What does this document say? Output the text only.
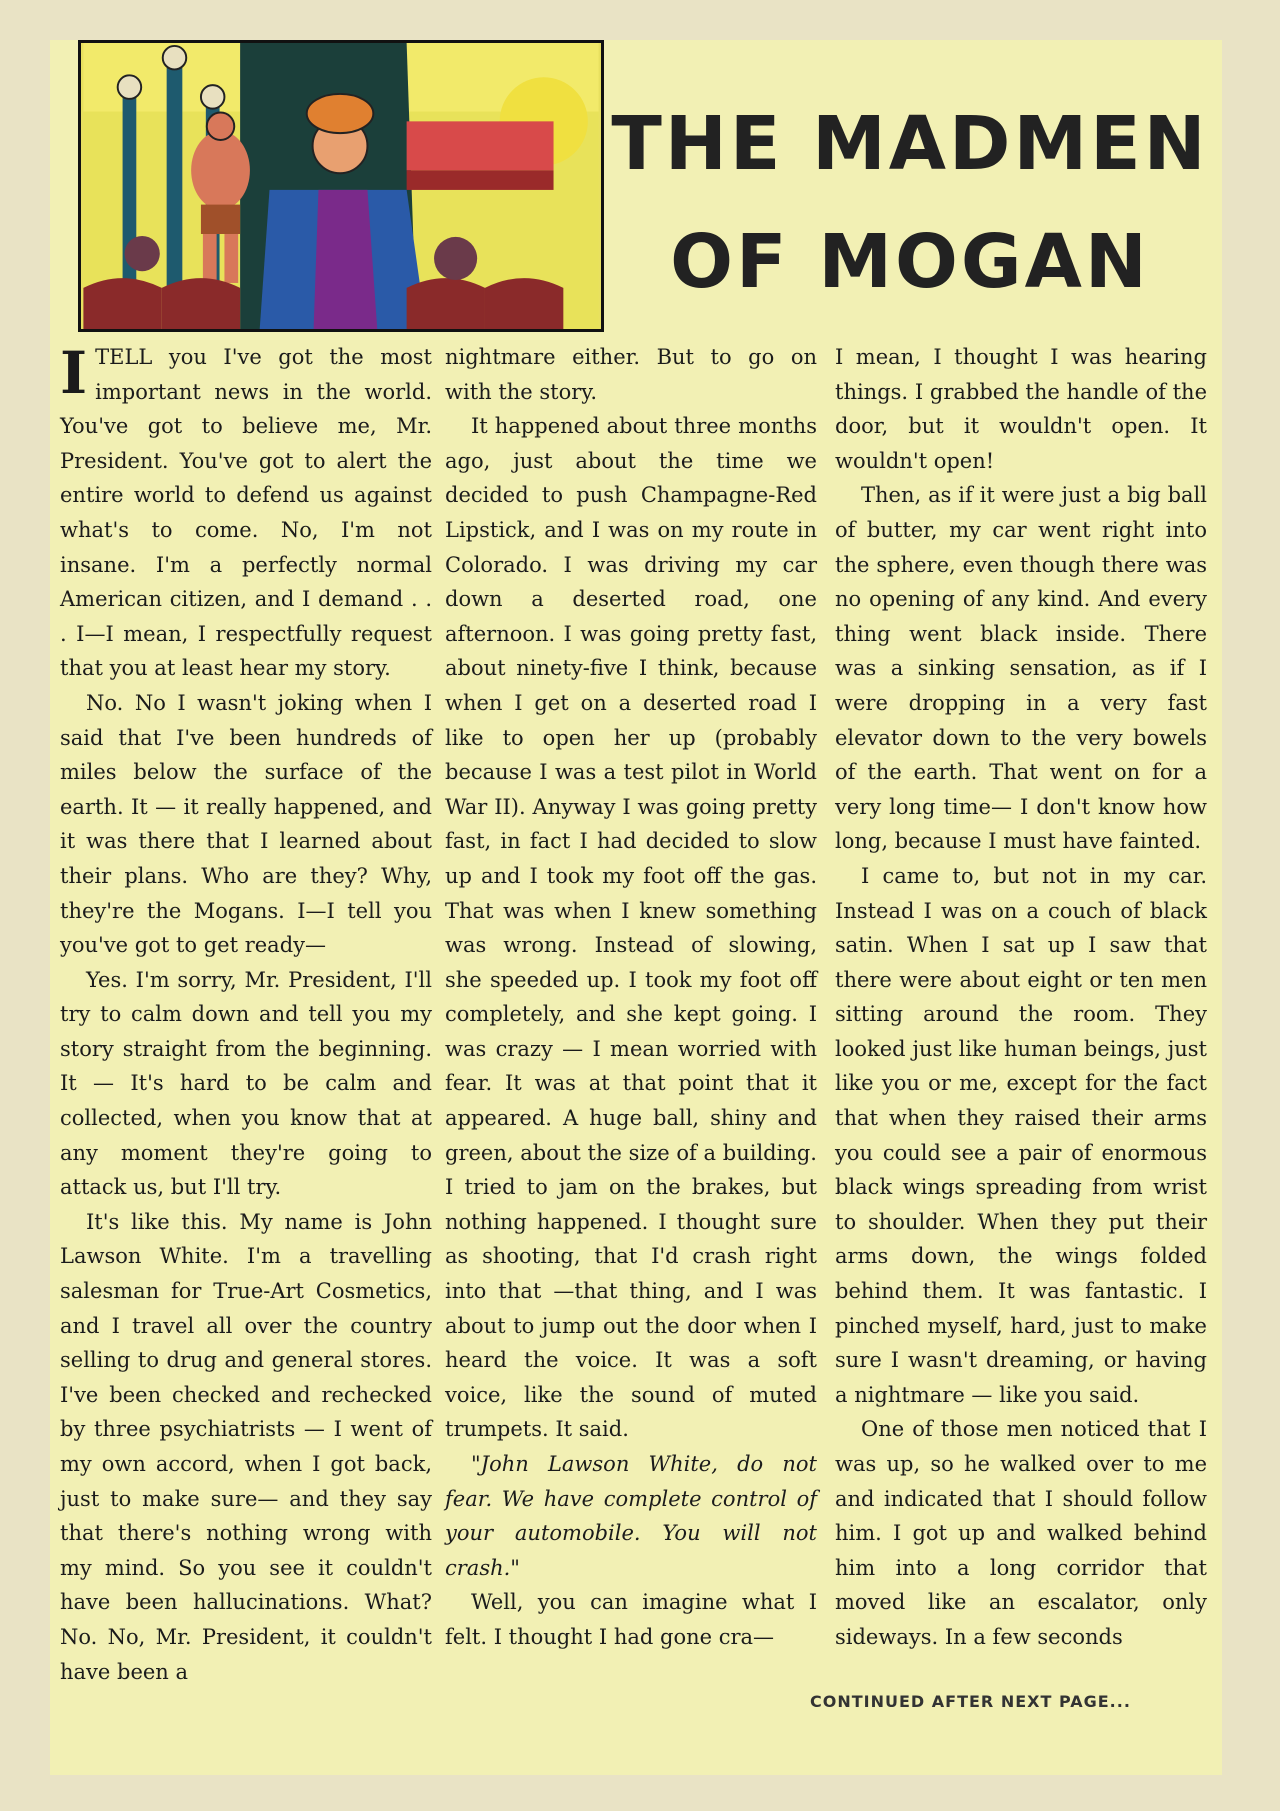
THE MADMEN
OF MOGAN

ITELL you I've got the most important news in the world. You've got to believe me, Mr. President. You've got to alert the entire world to defend us against what's to come. No, I'm not insane. I'm a perfectly normal American citizen, and I demand . . . I—I mean, I respectfully request that you at least hear my story.

No. No I wasn't joking when I said that I've been hundreds of miles below the surface of the earth. It — it really happened, and it was there that I learned about their plans. Who are they? Why, they're the Mogans. I—I tell you you've got to get ready—

Yes. I'm sorry, Mr. President, I'll try to calm down and tell you my story straight from the beginning. It — It's hard to be calm and collected, when you know that at any moment they're going to attack us, but I'll try.

It's like this. My name is John Lawson White. I'm a travelling salesman for True-Art Cosmetics, and I travel all over the country selling to drug and general stores. I've been checked and rechecked by three psychiatrists — I went of my own accord, when I got back, just to make sure— and they say that there's nothing wrong with my mind. So you see it couldn't have been hallucinations. What? No. No, Mr. President, it couldn't have been a

nightmare either. But to go on with the story.

It happened about three months ago, just about the time we decided to push Champagne-Red Lipstick, and I was on my route in Colorado. I was driving my car down a deserted road, one afternoon. I was going pretty fast, about ninety-five I think, because when I get on a deserted road I like to open her up (probably because I was a test pilot in World War II). Anyway I was going pretty fast, in fact I had decided to slow up and I took my foot off the gas. That was when I knew something was wrong. Instead of slowing, she speeded up. I took my foot off completely, and she kept going. I was crazy — I mean worried with fear. It was at that point that it appeared. A huge ball, shiny and green, about the size of a building. I tried to jam on the brakes, but nothing happened. I thought sure as shooting, that I'd crash right into that —that thing, and I was about to jump out the door when I heard the voice. It was a soft voice, like the sound of muted trumpets. It said.

"John Lawson White, do not fear. We have complete control of your automobile. You will not crash."

Well, you can imagine what I felt. I thought I had gone cra—

I mean, I thought I was hearing things. I grabbed the handle of the door, but it wouldn't open. It wouldn't open!

Then, as if it were just a big ball of butter, my car went right into the sphere, even though there was no opening of any kind. And every thing went black inside. There was a sinking sensation, as if I were dropping in a very fast elevator down to the very bowels of the earth. That went on for a very long time— I don't know how long, because I must have fainted.

I came to, but not in my car. Instead I was on a couch of black satin. When I sat up I saw that there were about eight or ten men sitting around the room. They looked just like human beings, just like you or me, except for the fact that when they raised their arms you could see a pair of enormous black wings spreading from wrist to shoulder. When they put their arms down, the wings folded behind them. It was fantastic. I pinched myself, hard, just to make sure I wasn't dreaming, or having a nightmare — like you said.

One of those men noticed that I was up, so he walked over to me and indicated that I should follow him. I got up and walked behind him into a long corridor that moved like an escalator, only sideways. In a few seconds

CONTINUED AFTER NEXT PAGE...
